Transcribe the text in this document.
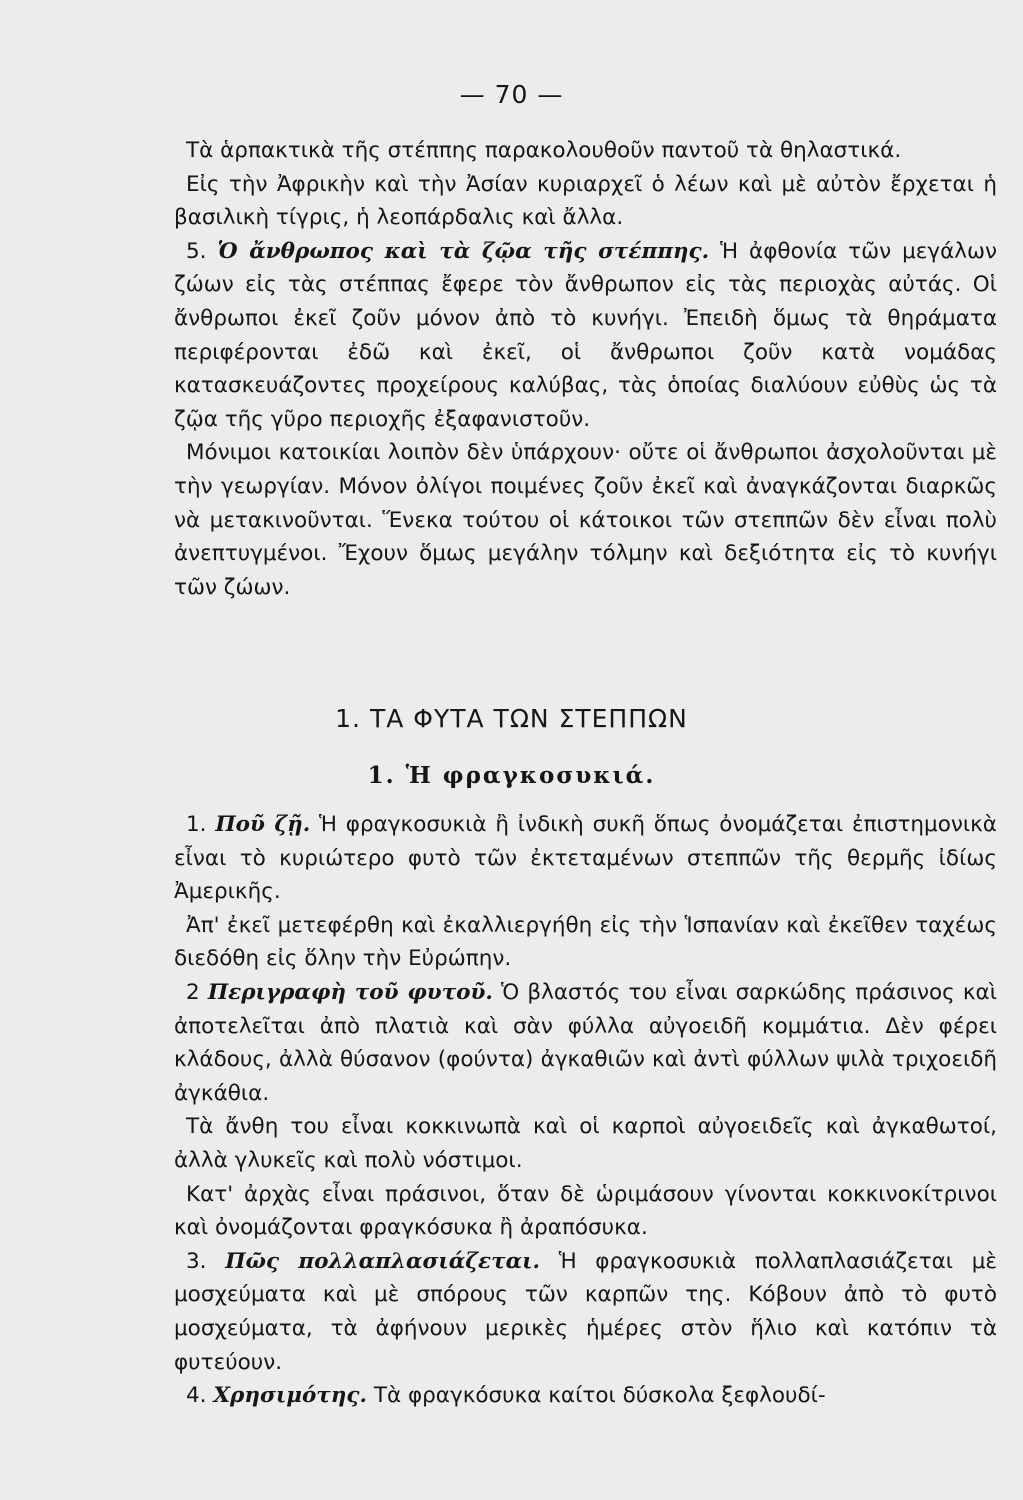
— 70 —

Τὰ ἁρπακτικὰ τῆς στέππης παρακολουθοῦν παντοῦ τὰ θηλαστικά.

Εἰς τὴν Ἀφρικὴν καὶ τὴν Ἀσίαν κυριαρχεῖ ὁ λέων καὶ μὲ αὐτὸν ἔρχεται ἡ βασιλικὴ τίγρις, ἡ λεοπάρδαλις καὶ ἄλλα.

5. Ὁ ἄνθρωπος καὶ τὰ ζῷα τῆς στέππης. Ἡ ἀφθονία τῶν μεγάλων ζώων εἰς τὰς στέππας ἔφερε τὸν ἄνθρωπον εἰς τὰς περιοχὰς αὐτάς. Οἱ ἄνθρωποι ἐκεῖ ζοῦν μόνον ἀπὸ τὸ κυνήγι. Ἐπειδὴ ὅμως τὰ θηράματα περιφέρονται ἐδῶ καὶ ἐκεῖ, οἱ ἄνθρωποι ζοῦν κατὰ νομάδας κατασκευάζοντες προχείρους καλύβας, τὰς ὁποίας διαλύουν εὐθὺς ὡς τὰ ζῷα τῆς γῦρο περιοχῆς ἐξαφανιστοῦν.

Μόνιμοι κατοικίαι λοιπὸν δὲν ὑπάρχουν· οὔτε οἱ ἄνθρωποι ἀσχολοῦνται μὲ τὴν γεωργίαν. Μόνον ὀλίγοι ποιμένες ζοῦν ἐκεῖ καὶ ἀναγκάζονται διαρκῶς νὰ μετακινοῦνται. Ἕνεκα τούτου οἱ κάτοικοι τῶν στεππῶν δὲν εἶναι πολὺ ἀνεπτυγμένοι. Ἔχουν ὅμως μεγάλην τόλμην καὶ δεξιότητα εἰς τὸ κυνήγι τῶν ζώων.

1. ΤΑ ΦΥΤΑ ΤΩΝ ΣΤΕΠΠΩΝ
1. Ἡ φραγκοσυκιά.

1. Ποῦ ζῇ. Ἡ φραγκοσυκιὰ ἢ ἰνδικὴ συκῆ ὅπως ὀνομάζεται ἐπιστημονικὰ εἶναι τὸ κυριώτερο φυτὸ τῶν ἐκτεταμένων στεππῶν τῆς θερμῆς ἰδίως Ἀμερικῆς.

Ἀπ' ἐκεῖ μετεφέρθη καὶ ἐκαλλιεργήθη εἰς τὴν Ἱσπανίαν καὶ ἐκεῖθεν ταχέως διεδόθη εἰς ὅλην τὴν Εὐρώπην.

2 Περιγραφὴ τοῦ φυτοῦ. Ὁ βλαστός του εἶναι σαρκώδης πράσινος καὶ ἀποτελεῖται ἀπὸ πλατιὰ καὶ σὰν φύλλα αὐγοειδῆ κομμάτια. Δὲν φέρει κλάδους, ἀλλὰ θύσανον (φούντα) ἀγκαθιῶν καὶ ἀντὶ φύλλων ψιλὰ τριχοειδῆ ἀγκάθια.

Τὰ ἄνθη του εἶναι κοκκινωπὰ καὶ οἱ καρποὶ αὐγοειδεῖς καὶ ἀγκαθωτοί, ἀλλὰ γλυκεῖς καὶ πολὺ νόστιμοι.

Κατ' ἀρχὰς εἶναι πράσινοι, ὅταν δὲ ὡριμάσουν γίνονται κοκκινοκίτρινοι καὶ ὀνομάζονται φραγκόσυκα ἢ ἀραπόσυκα.

3. Πῶς πολλαπλασιάζεται. Ἡ φραγκοσυκιὰ πολλαπλασιάζεται μὲ μοσχεύματα καὶ μὲ σπόρους τῶν καρπῶν της. Κόβουν ἀπὸ τὸ φυτὸ μοσχεύματα, τὰ ἀφήνουν μερικὲς ἡμέρες στὸν ἥλιο καὶ κατόπιν τὰ φυτεύουν.

4. Χρησιμότης. Τὰ φραγκόσυκα καίτοι δύσκολα ξεφλουδί-
